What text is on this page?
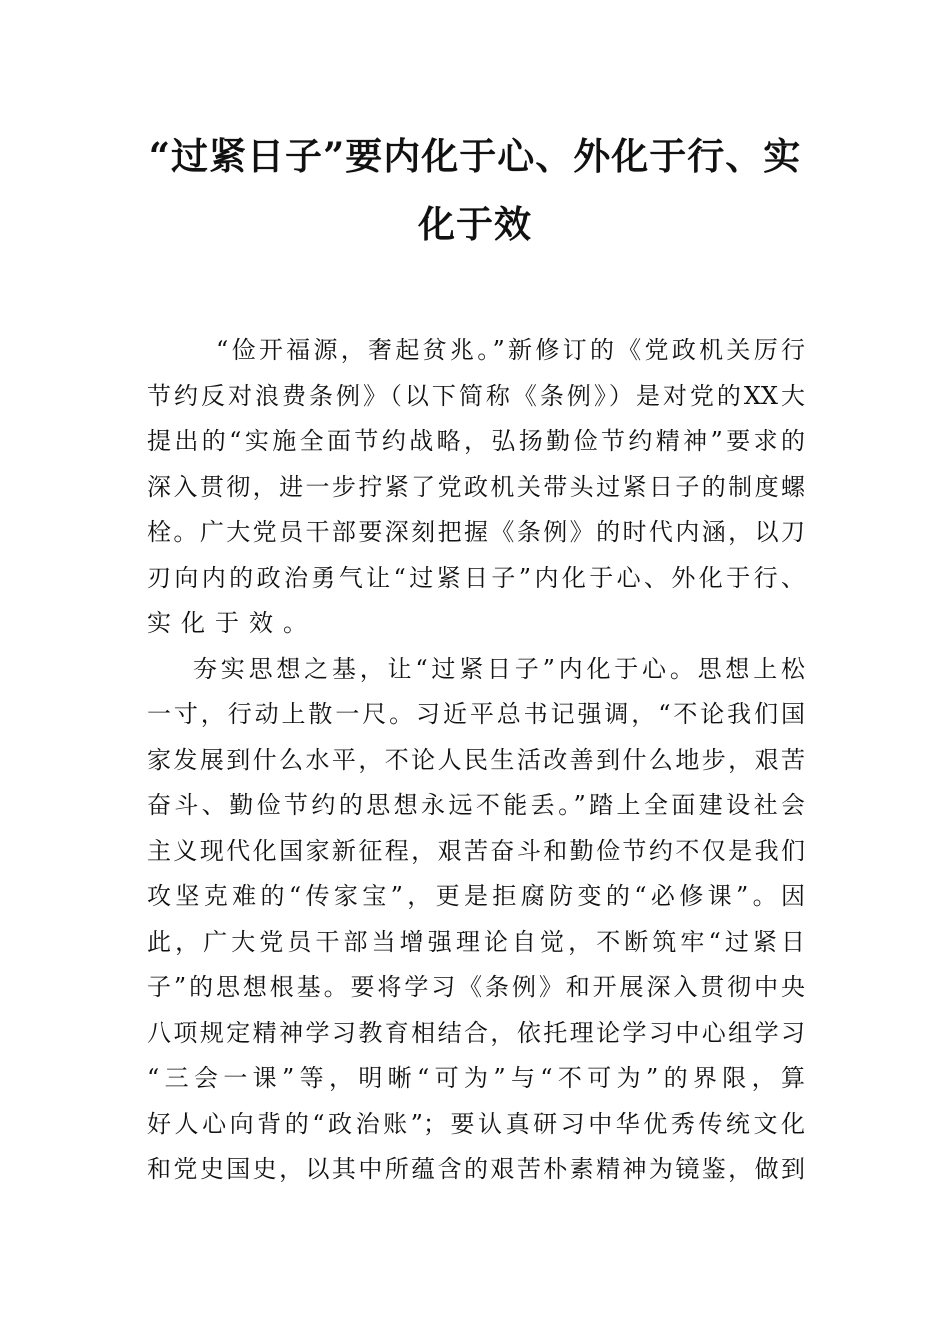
“过紧日子”要内化于心、外化于行、实
化于效
“俭开福源，奢起贫兆。”新修订的《党政机关厉行
节约反对浪费条例》（以下简称《条例》）是对党的XX大
提出的“实施全面节约战略，弘扬勤俭节约精神”要求的
深入贯彻，进一步拧紧了党政机关带头过紧日子的制度螺
栓。广大党员干部要深刻把握《条例》的时代内涵，以刀
刃向内的政治勇气让“过紧日子”内化于心、外化于行、
实化于效。
夯实思想之基，让“过紧日子”内化于心。思想上松
一寸，行动上散一尺。习近平总书记强调，“不论我们国
家发展到什么水平，不论人民生活改善到什么地步，艰苦
奋斗、勤俭节约的思想永远不能丢。”踏上全面建设社会
主义现代化国家新征程，艰苦奋斗和勤俭节约不仅是我们
攻坚克难的“传家宝”，更是拒腐防变的“必修课”。因
此，广大党员干部当增强理论自觉，不断筑牢“过紧日
子”的思想根基。要将学习《条例》和开展深入贯彻中央
八项规定精神学习教育相结合，依托理论学习中心组学习
“三会一课”等，明晰“可为”与“不可为”的界限，算
好人心向背的“政治账”；要认真研习中华优秀传统文化
和党史国史，以其中所蕴含的艰苦朴素精神为镜鉴，做到
